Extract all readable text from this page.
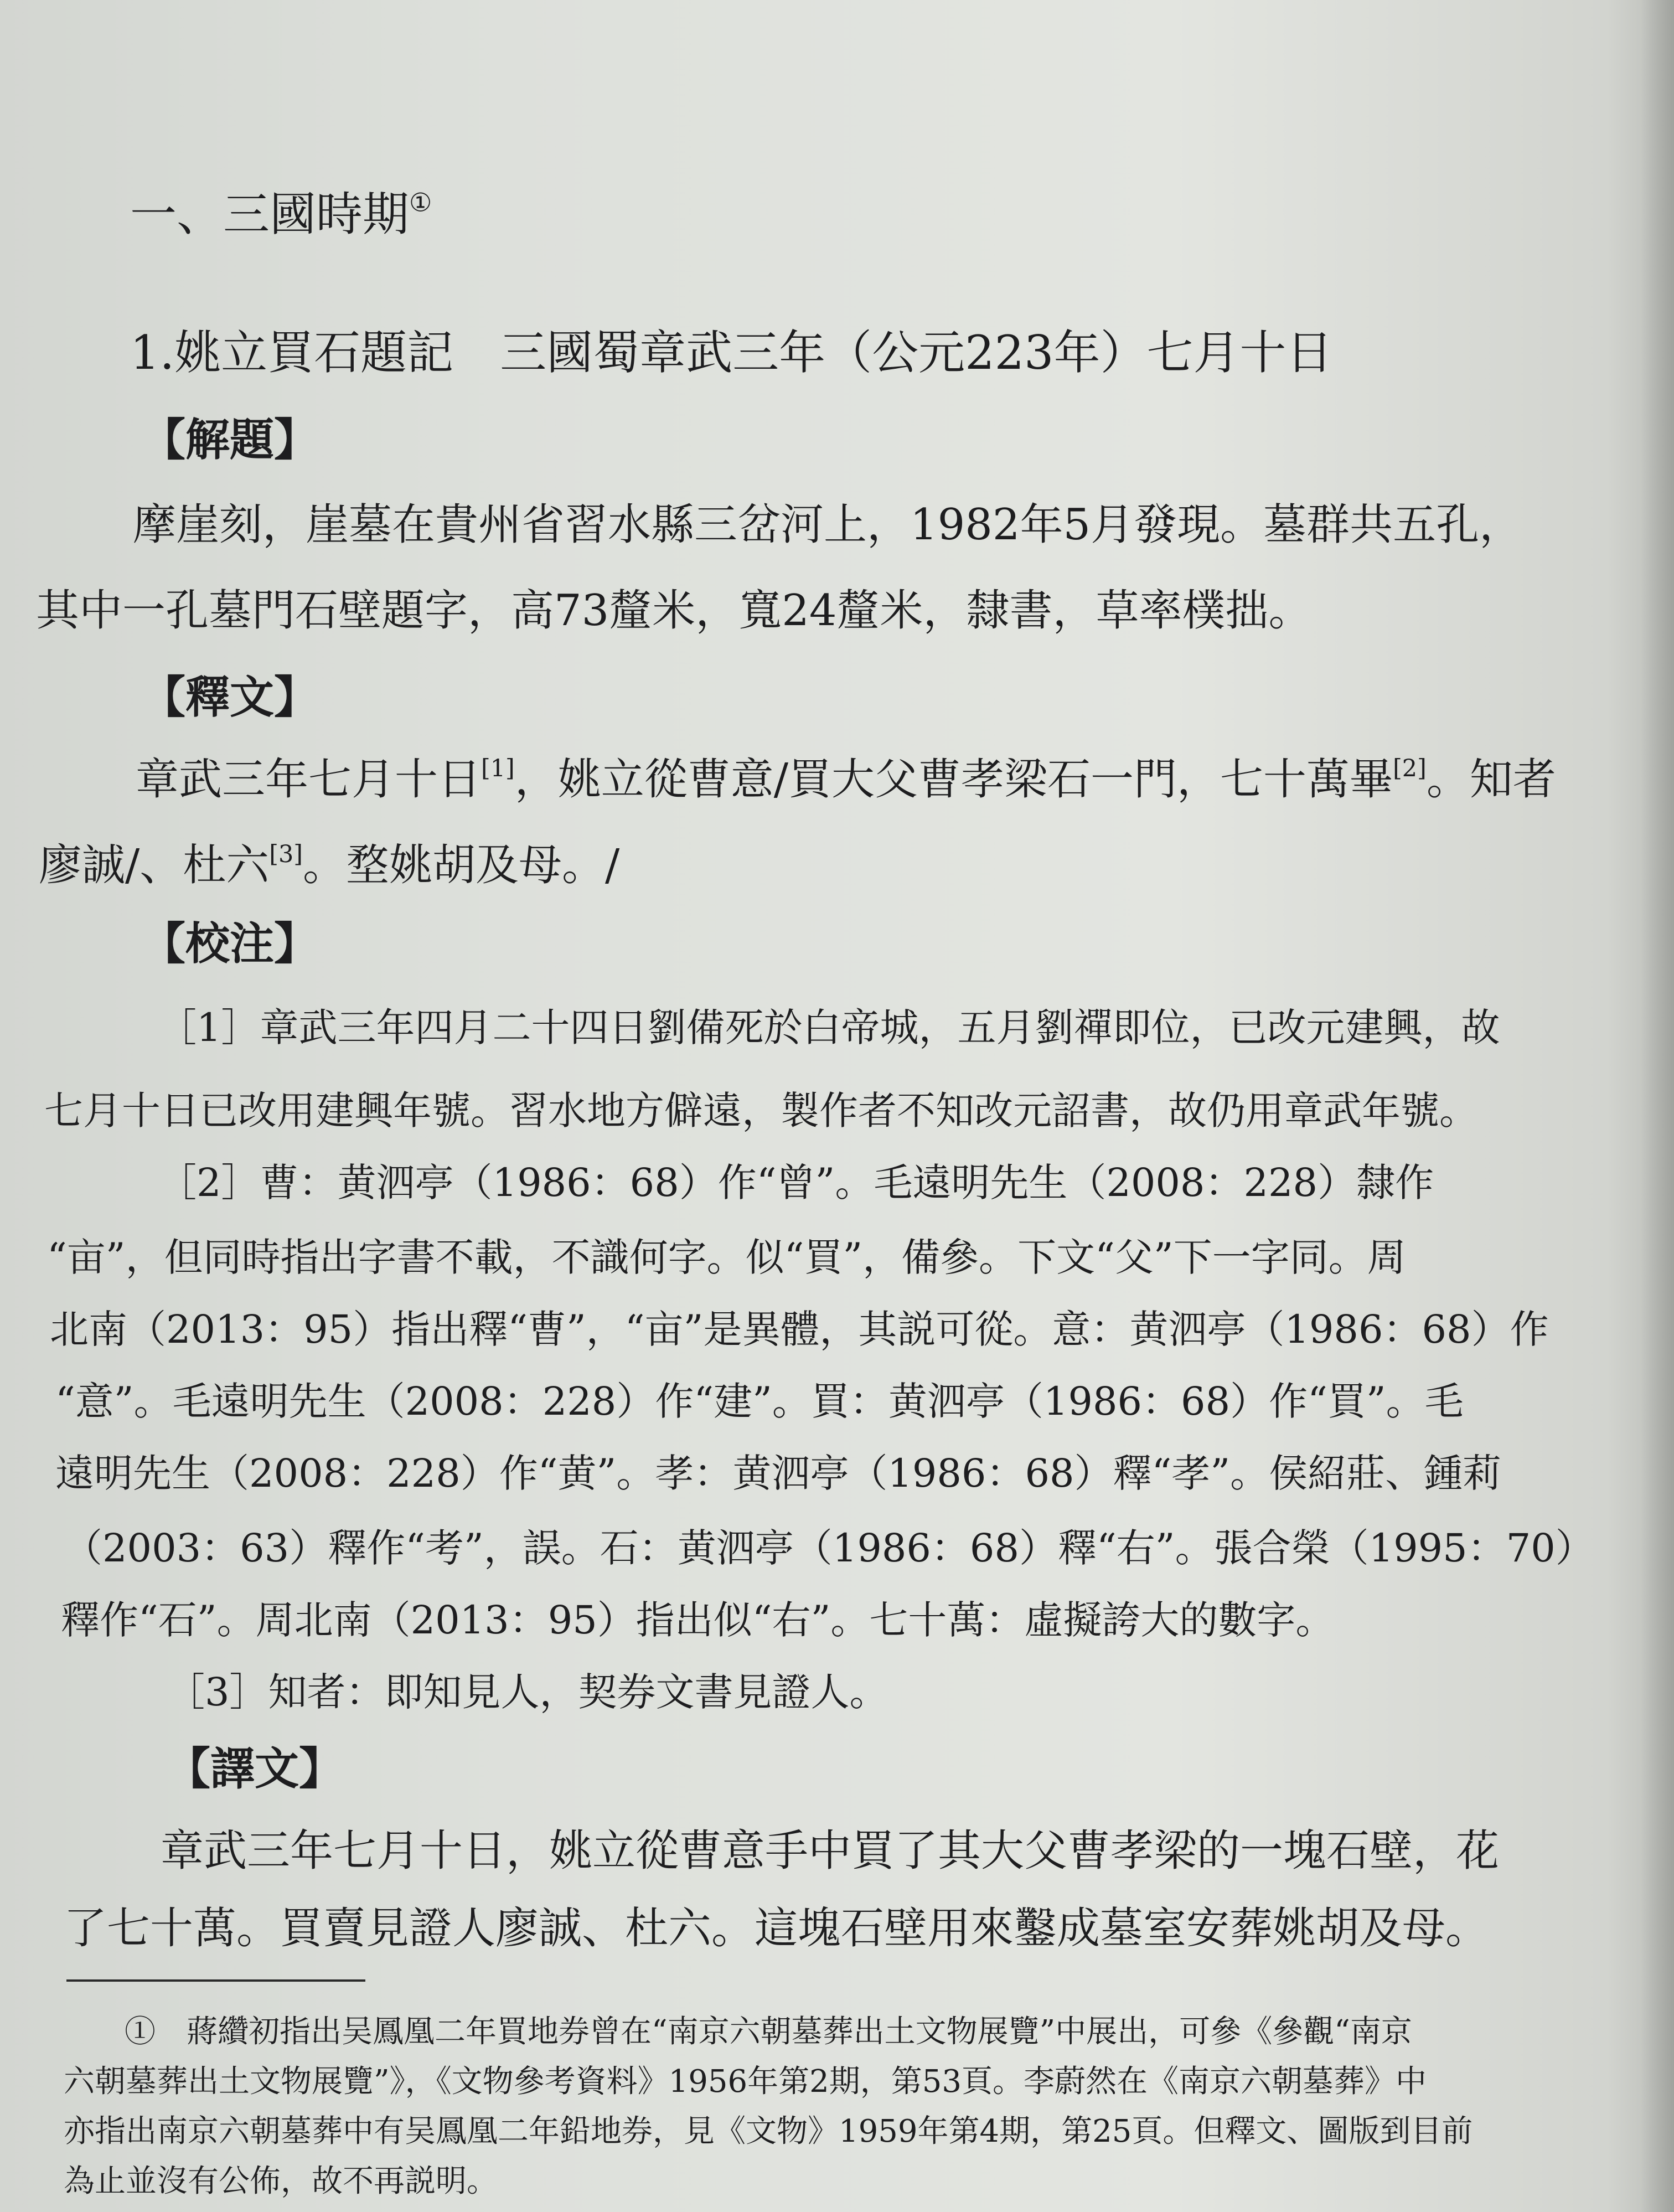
一、三國時期①
1.姚立買石題記　三國蜀章武三年（公元223年）七月十日
【解題】
摩崖刻，崖墓在貴州省習水縣三岔河上，1982年5月發現。墓群共五孔，
其中一孔墓門石壁題字，高73釐米，寬24釐米，隸書，草率樸拙。
【釋文】
章武三年七月十日[1]，姚立從曹意/買大父曹孝梁石一門，七十萬畢[2]。知者
廖誠/、杜六[3]。堥姚胡及母。/
【校注】
［1］章武三年四月二十四日劉備死於白帝城，五月劉禪即位，已改元建興，故
七月十日已改用建興年號。習水地方僻遠，製作者不知改元詔書，故仍用章武年號。
［2］曹：黄泗亭（1986：68）作“曾”。毛遠明先生（2008：228）隸作
“亩”，但同時指出字書不載，不識何字。似“買”，備參。下文“父”下一字同。周
北南（2013：95）指出釋“曹”，“亩”是異體，其説可從。意：黄泗亭（1986：68）作
“意”。毛遠明先生（2008：228）作“建”。買：黄泗亭（1986：68）作“買”。毛
遠明先生（2008：228）作“黄”。孝：黄泗亭（1986：68）釋“孝”。侯紹莊、鍾莉
（2003：63）釋作“考”，誤。石：黄泗亭（1986：68）釋“右”。張合榮（1995：70）
釋作“石”。周北南（2013：95）指出似“右”。七十萬：虛擬誇大的數字。
［3］知者：即知見人，契券文書見證人。
【譯文】
章武三年七月十日，姚立從曹意手中買了其大父曹孝梁的一塊石壁，花
了七十萬。買賣見證人廖誠、杜六。這塊石壁用來鑿成墓室安葬姚胡及母。
①　蔣纘初指出吴鳳凰二年買地券曾在“南京六朝墓葬出土文物展覽”中展出，可參《參觀“南京
六朝墓葬出土文物展覽”》，《文物參考資料》1956年第2期，第53頁。李蔚然在《南京六朝墓葬》中
亦指出南京六朝墓葬中有吴鳳凰二年鉛地券，見《文物》1959年第4期，第25頁。但釋文、圖版到目前
為止並沒有公佈，故不再説明。
